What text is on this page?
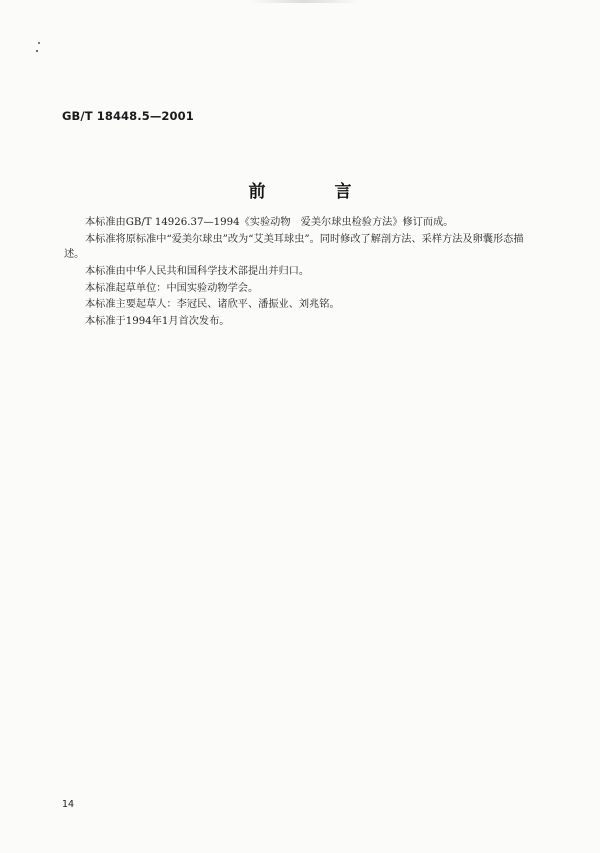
GB/T 18448.5—2001
前　言

本标准由GB/T 14926.37—1994《实验动物　爱美尔球虫检验方法》修订而成。

本标准将原标准中“爱美尔球虫”改为“艾美耳球虫”。同时修改了解剖方法、采样方法及卵囊形态描述。

本标准由中华人民共和国科学技术部提出并归口。

本标准起草单位：中国实验动物学会。

本标准主要起草人：李冠民、诸欣平、潘振业、刘兆铭。

本标准于1994年1月首次发布。

14
